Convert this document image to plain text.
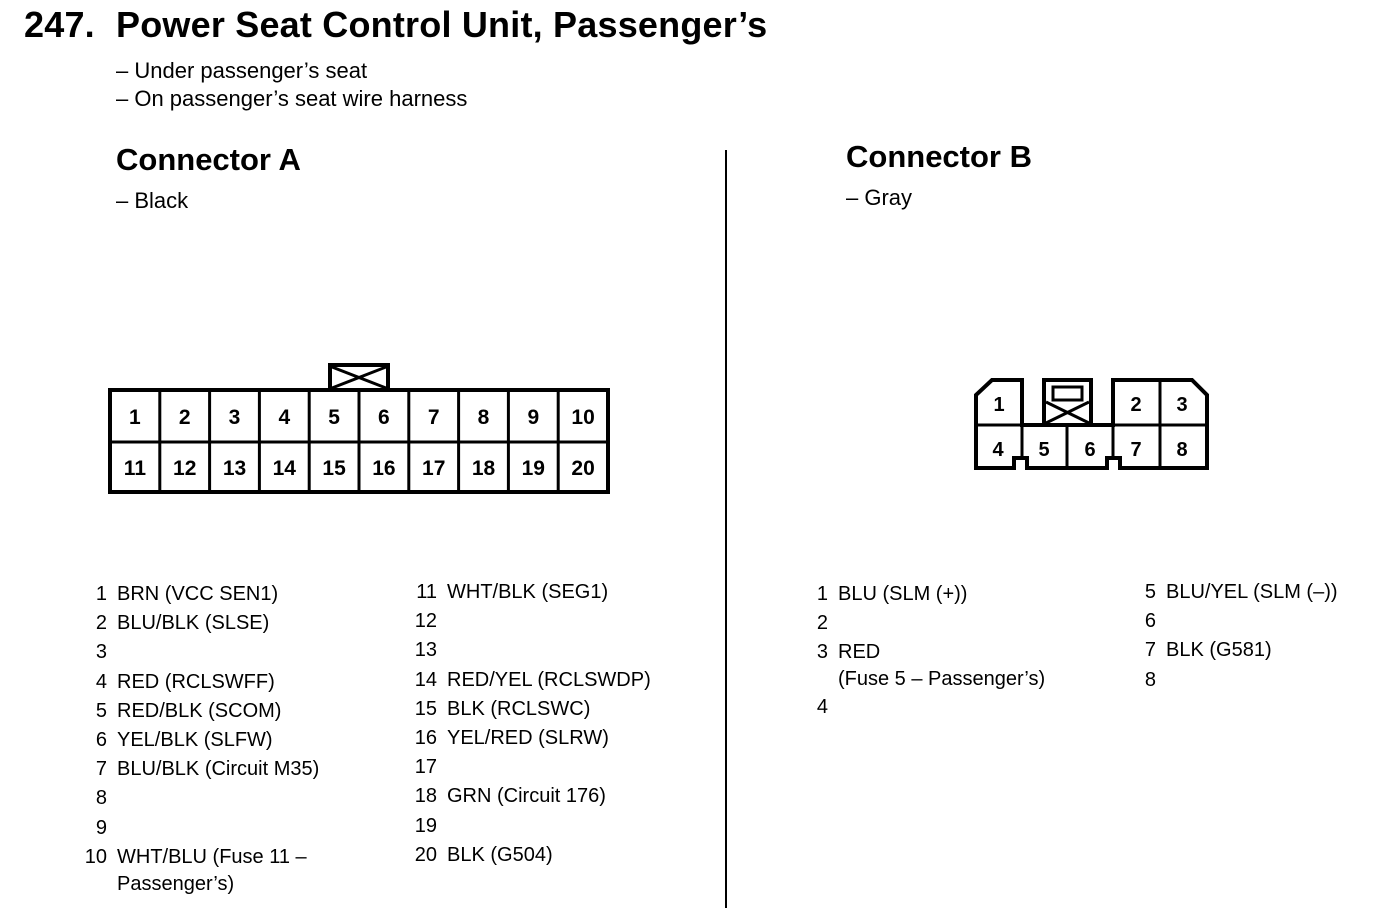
247. Power Seat Control Unit, Passenger’s
– Under passenger’s seat
– On passenger’s seat wire harness
Connector A
– Black
Connector B
– Gray
1 2 3 4 5 6 7 8 9 10
11 12 13 14 15 16 17 18 19 20
1	2 3
4 5 6 7 8
1 BRN (VCC SEN1)
2 BLU/BLK (SLSE)
3
4 RED (RCLSWFF)
5 RED/BLK (SCOM)
6 YEL/BLK (SLFW)
7 BLU/BLK (Circuit M35)
8
9
10 WHT/BLU (Fuse 11 –
Passenger’s)
11 WHT/BLK (SEG1)
12
13
14 RED/YEL (RCLSWDP)
15 BLK (RCLSWC)
16 YEL/RED (SLRW)
17
18 GRN (Circuit 176)
19
20 BLK (G504)
1 BLU (SLM (+))
2
3 RED
(Fuse 5 – Passenger’s)
4
5 BLU/YEL (SLM (–))
6
7 BLK (G581)
8
